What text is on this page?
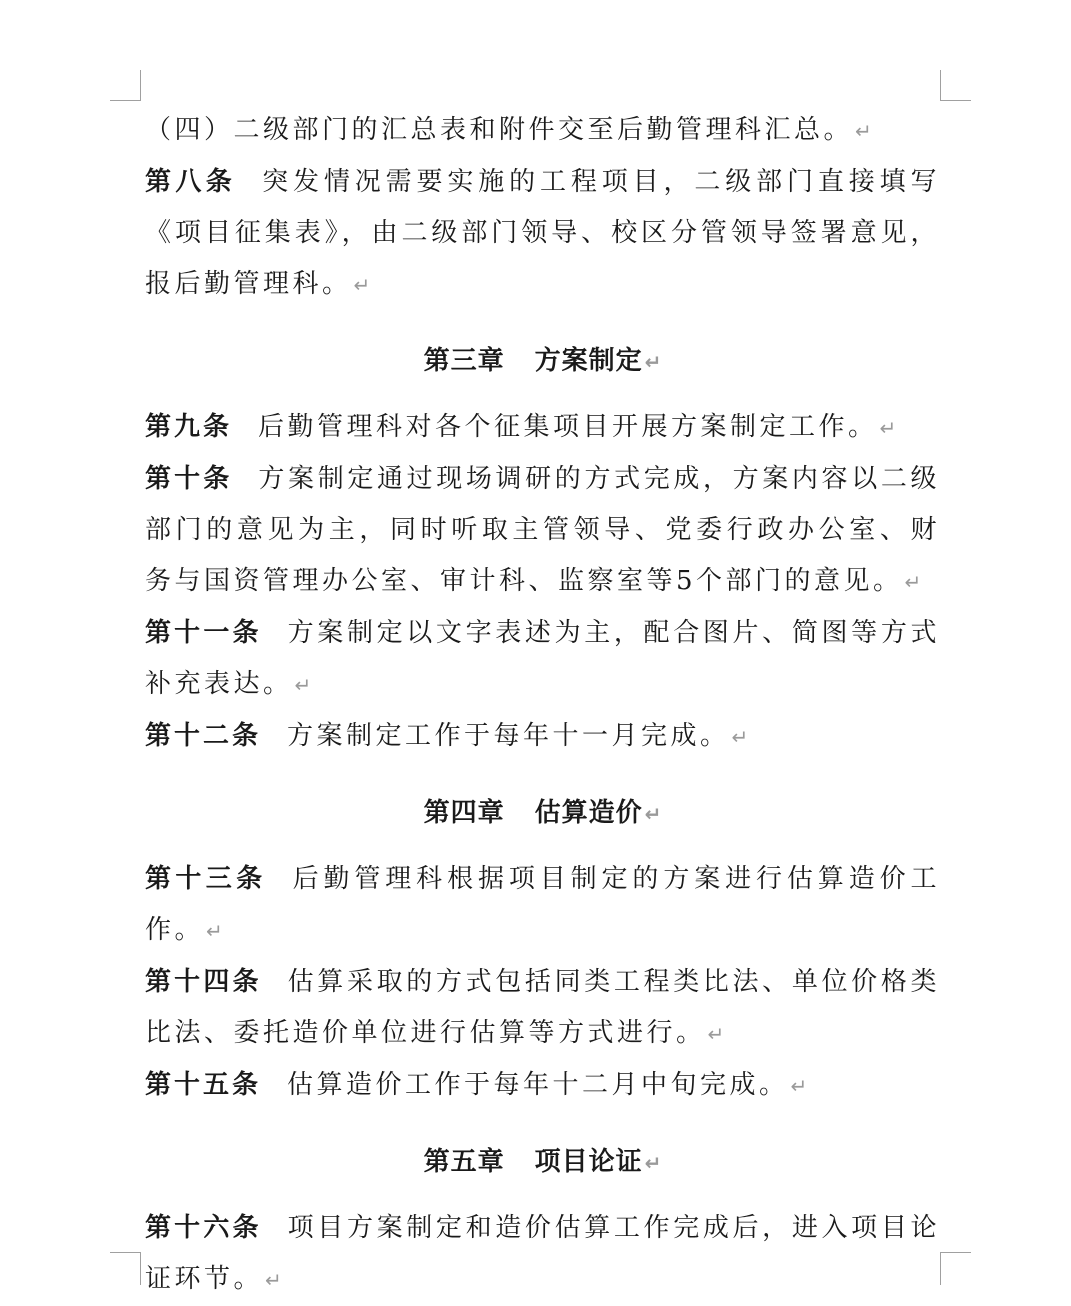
（四）二级部门的汇总表和附件交至后勤管理科汇总。 ↵

第八条 突发情况需要实施的工程项目，二级部门直接填写《项目征集表》，由二级部门领导、校区分管领导签署意见，报后勤管理科。 ↵

第三章 方案制定 ↵

第九条 后勤管理科对各个征集项目开展方案制定工作。 ↵

第十条 方案制定通过现场调研的方式完成，方案内容以二级部门的意见为主，同时听取主管领导、党委行政办公室、财务与国资管理办公室、审计科、监察室等5个部门的意见。 ↵

第十一条 方案制定以文字表述为主，配合图片、简图等方式补充表达。 ↵

第十二条 方案制定工作于每年十一月完成。 ↵

第四章 估算造价 ↵

第十三条 后勤管理科根据项目制定的方案进行估算造价工作。 ↵

第十四条 估算采取的方式包括同类工程类比法、单位价格类比法、委托造价单位进行估算等方式进行。 ↵

第十五条 估算造价工作于每年十二月中旬完成。 ↵

第五章 项目论证 ↵

第十六条 项目方案制定和造价估算工作完成后，进入项目论证环节。 ↵
